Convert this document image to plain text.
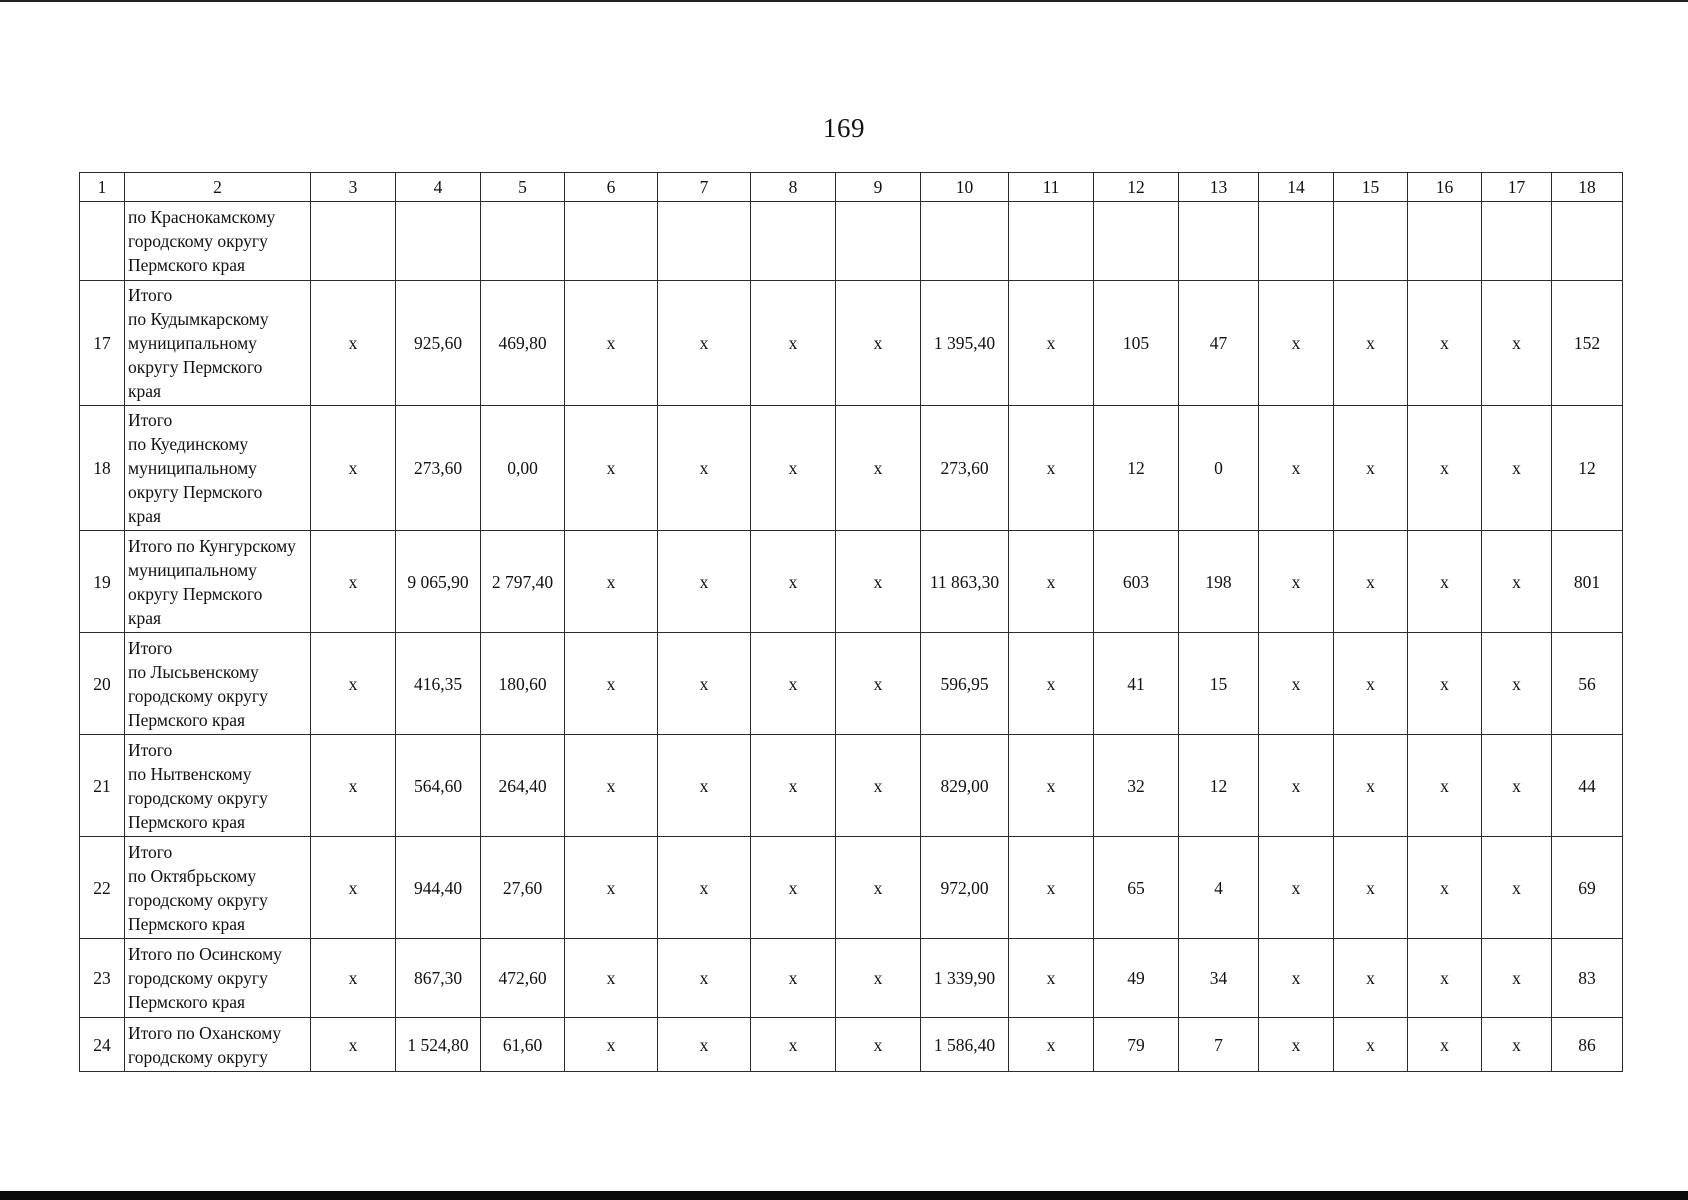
169
1	2	3	4	5	6	7	8	9	10	11	12	13	14	15	16	17	18
	по Краснокамскому
городскому округу
Пермского края																
17	Итого
по Кудымкарскому
муниципальному
округу Пермского
края	x	925,60	469,80	x	x	x	x	1 395,40	x	105	47	x	x	x	x	152
18	Итого
по Куединскому
муниципальному
округу Пермского
края	x	273,60	0,00	x	x	x	x	273,60	x	12	0	x	x	x	x	12
19	Итого по Кунгурскому
муниципальному
округу Пермского
края	x	9 065,90	2 797,40	x	x	x	x	11 863,30	x	603	198	x	x	x	x	801
20	Итого
по Лысьвенскому
городскому округу
Пермского края	x	416,35	180,60	x	x	x	x	596,95	x	41	15	x	x	x	x	56
21	Итого
по Нытвенскому
городскому округу
Пермского края	x	564,60	264,40	x	x	x	x	829,00	x	32	12	x	x	x	x	44
22	Итого
по Октябрьскому
городскому округу
Пермского края	x	944,40	27,60	x	x	x	x	972,00	x	65	4	x	x	x	x	69
23	Итого по Осинскому
городскому округу
Пермского края	x	867,30	472,60	x	x	x	x	1 339,90	x	49	34	x	x	x	x	83
24	Итого по Оханскому
городскому округу	x	1 524,80	61,60	x	x	x	x	1 586,40	x	79	7	x	x	x	x	86
